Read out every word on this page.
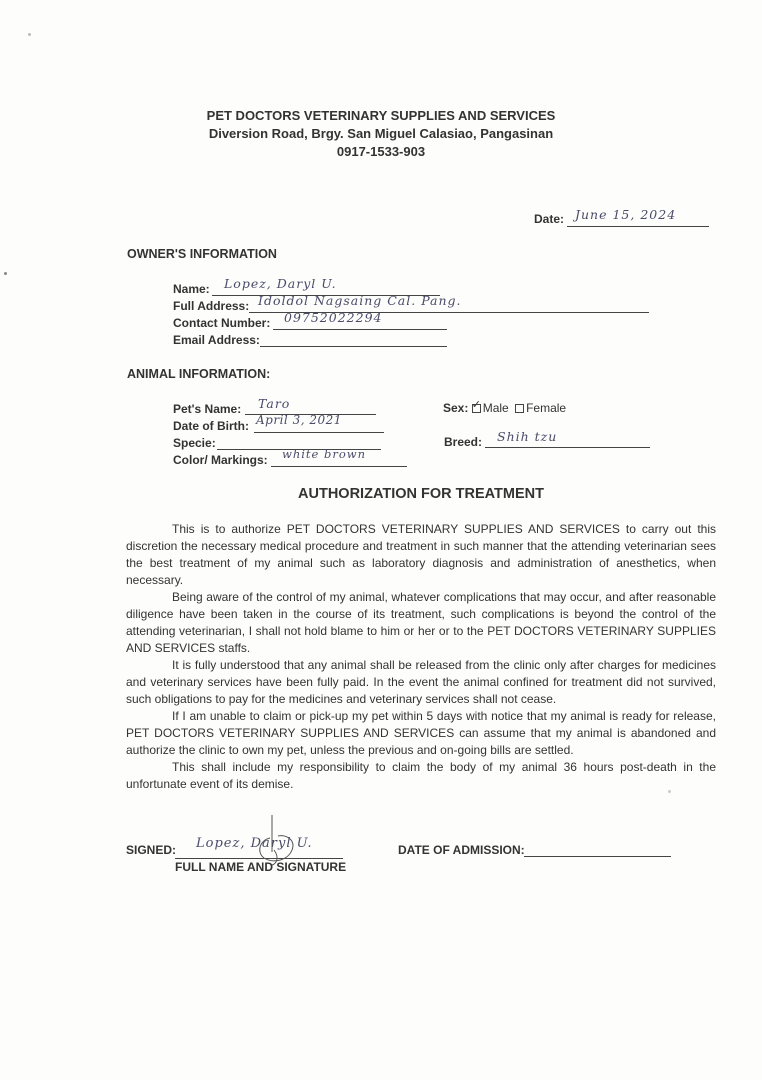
PET DOCTORS VETERINARY SUPPLIES AND SERVICES
Diversion Road, Brgy. San Miguel Calasiao, Pangasinan
0917-1533-903
Date: June 15, 2024
OWNER'S INFORMATION
Name: Lopez, Daryl U.
Full Address: Idoldol Nagsaing Cal. Pang.
Contact Number: 09752022294
Email Address:
ANIMAL INFORMATION:
Pet's Name: Taro
Date of Birth: April 3, 2021
Specie:
Color/ Markings: white brown
Sex: ✓ Male Female
Breed: Shih tzu
AUTHORIZATION FOR TREATMENT

This is to authorize PET DOCTORS VETERINARY SUPPLIES AND SERVICES to carry out this discretion the necessary medical procedure and treatment in such manner that the attending veterinarian sees the best treatment of my animal such as laboratory diagnosis and administration of anesthetics, when necessary.

Being aware of the control of my animal, whatever complications that may occur, and after reasonable diligence have been taken in the course of its treatment, such complications is beyond the control of the attending veterinarian, I shall not hold blame to him or her or to the PET DOCTORS VETERINARY SUPPLIES AND SERVICES staffs.

It is fully understood that any animal shall be released from the clinic only after charges for medicines and veterinary services have been fully paid. In the event the animal confined for treatment did not survived, such obligations to pay for the medicines and veterinary services shall not cease.

If I am unable to claim or pick-up my pet within 5 days with notice that my animal is ready for release, PET DOCTORS VETERINARY SUPPLIES AND SERVICES can assume that my animal is abandoned and authorize the clinic to own my pet, unless the previous and on-going bills are settled.

This shall include my responsibility to claim the body of my animal 36 hours post-death in the unfortunate event of its demise.

SIGNED: Lopez, Daryl U.
FULL NAME AND SIGNATURE
DATE OF ADMISSION:
